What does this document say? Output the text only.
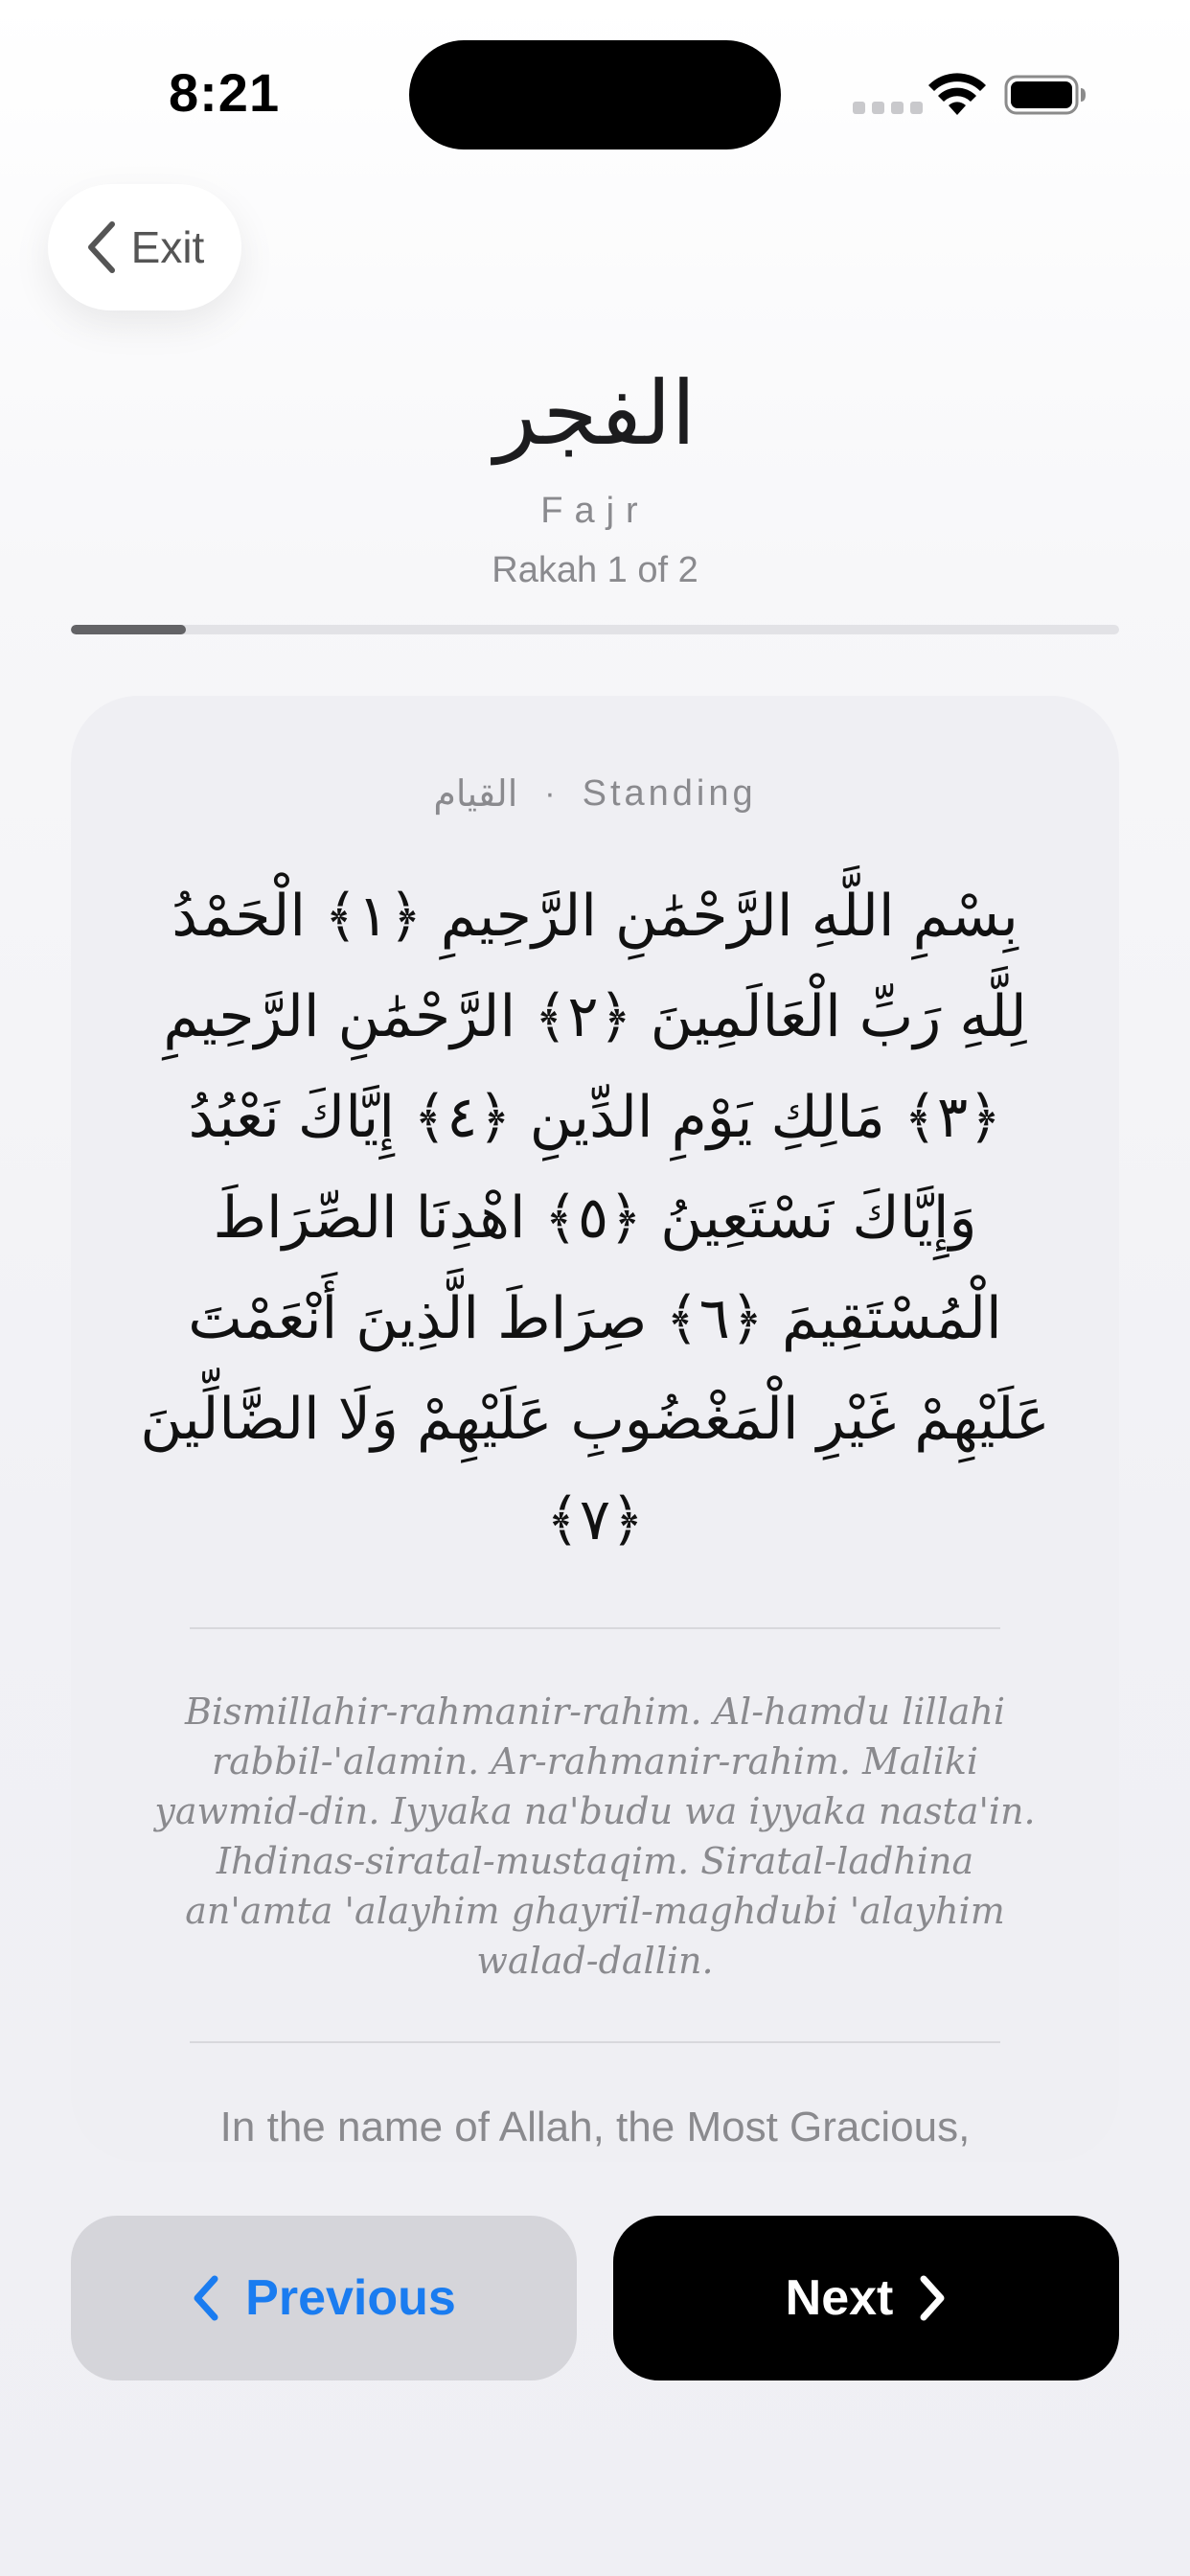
8:21
Exit
الفجر
Fajr
Rakah 1 of 2
القيام · Standing
بِسْمِ اللَّهِ الرَّحْمَٰنِ الرَّحِيمِ ﴿١﴾ الْحَمْدُ لِلَّهِ رَبِّ الْعَالَمِينَ ﴿٢﴾ الرَّحْمَٰنِ الرَّحِيمِ ﴿٣﴾ مَالِكِ يَوْمِ الدِّينِ ﴿٤﴾ إِيَّاكَ نَعْبُدُ وَإِيَّاكَ نَسْتَعِينُ ﴿٥﴾ اهْدِنَا الصِّرَاطَ الْمُسْتَقِيمَ ﴿٦﴾ صِرَاطَ الَّذِينَ أَنْعَمْتَ عَلَيْهِمْ غَيْرِ الْمَغْضُوبِ عَلَيْهِمْ وَلَا الضَّالِّينَ ﴿٧﴾
Bismillahir-rahmanir-rahim. Al-hamdu lillahi rabbil-'alamin. Ar-rahmanir-rahim. Maliki yawmid-din. Iyyaka na'budu wa iyyaka nasta'in. Ihdinas-siratal-mustaqim. Siratal-ladhina an'amta 'alayhim ghayril-maghdubi 'alayhim walad-dallin.
In the name of Allah, the Most Gracious,
Previous	Next
